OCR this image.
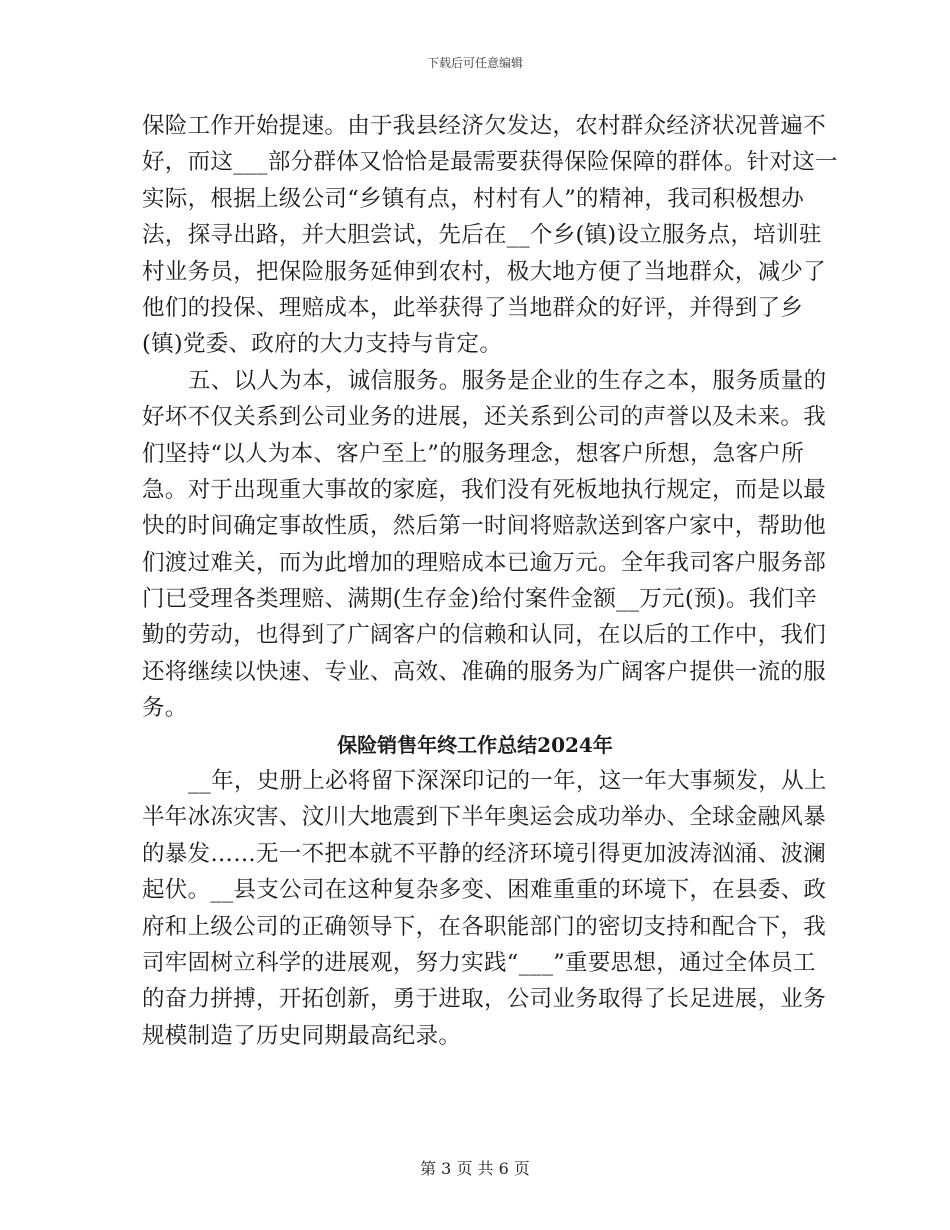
下载后可任意编辑
保险工作开始提速。由于我县经济欠发达，农村群众经济状况普遍不
好，而这___部分群体又恰恰是最需要获得保险保障的群体。针对这一
实际，根据上级公司“乡镇有点，村村有人”的精神，我司积极想办
法，探寻出路，并大胆尝试，先后在__个乡(镇)设立服务点，培训驻
村业务员，把保险服务延伸到农村，极大地方便了当地群众，减少了
他们的投保、理赔成本，此举获得了当地群众的好评，并得到了乡
(镇)党委、政府的大力支持与肯定。
五、以人为本，诚信服务。服务是企业的生存之本，服务质量的
好坏不仅关系到公司业务的进展，还关系到公司的声誉以及未来。我
们坚持“以人为本、客户至上”的服务理念，想客户所想，急客户所
急。对于出现重大事故的家庭，我们没有死板地执行规定，而是以最
快的时间确定事故性质，然后第一时间将赔款送到客户家中，帮助他
们渡过难关，而为此增加的理赔成本已逾万元。全年我司客户服务部
门已受理各类理赔、满期(生存金)给付案件金额__万元(预)。我们辛
勤的劳动，也得到了广阔客户的信赖和认同，在以后的工作中，我们
还将继续以快速、专业、高效、准确的服务为广阔客户提供一流的服
务。
保险销售年终工作总结2024年
__年，史册上必将留下深深印记的一年，这一年大事频发，从上
半年冰冻灾害、汶川大地震到下半年奥运会成功举办、全球金融风暴
的暴发……无一不把本就不平静的经济环境引得更加波涛汹涌、波澜
起伏。__县支公司在这种复杂多变、困难重重的环境下，在县委、政
府和上级公司的正确领导下，在各职能部门的密切支持和配合下，我
司牢固树立科学的进展观，努力实践“___”重要思想，通过全体员工
的奋力拼搏，开拓创新，勇于进取，公司业务取得了长足进展，业务
规模制造了历史同期最高纪录。
第 3 页 共 6 页
